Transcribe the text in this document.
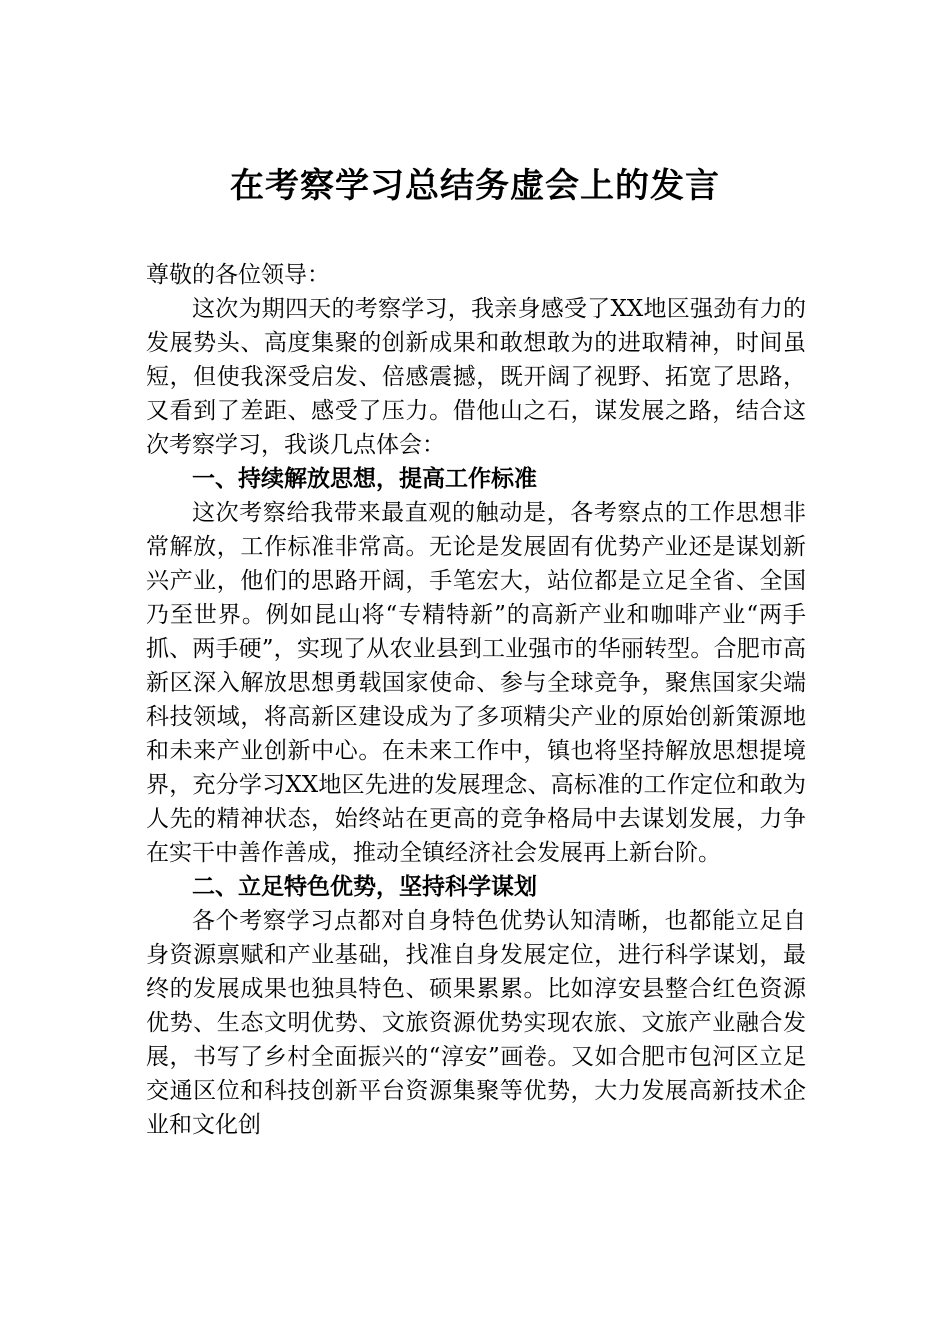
在考察学习总结务虚会上的发言

尊敬的各位领导：

这次为期四天的考察学习，我亲身感受了XX地区强劲有力的发展势头、高度集聚的创新成果和敢想敢为的进取精神，时间虽短，但使我深受启发、倍感震撼，既开阔了视野、拓宽了思路，又看到了差距、感受了压力。借他山之石，谋发展之路，结合这次考察学习，我谈几点体会：

一、持续解放思想，提高工作标准

这次考察给我带来最直观的触动是，各考察点的工作思想非常解放，工作标准非常高。无论是发展固有优势产业还是谋划新兴产业，他们的思路开阔，手笔宏大，站位都是立足全省、全国乃至世界。例如昆山将“专精特新”的高新产业和咖啡产业“两手抓、两手硬”，实现了从农业县到工业强市的华丽转型。合肥市高新区深入解放思想勇载国家使命、参与全球竞争，聚焦国家尖端科技领域，将高新区建设成为了多项精尖产业的原始创新策源地和未来产业创新中心。在未来工作中，镇也将坚持解放思想提境界，充分学习XX地区先进的发展理念、高标准的工作定位和敢为人先的精神状态，始终站在更高的竞争格局中去谋划发展，力争在实干中善作善成，推动全镇经济社会发展再上新台阶。

二、立足特色优势，坚持科学谋划

各个考察学习点都对自身特色优势认知清晰，也都能立足自身资源禀赋和产业基础，找准自身发展定位，进行科学谋划，最终的发展成果也独具特色、硕果累累。比如淳安县整合红色资源优势、生态文明优势、文旅资源优势实现农旅、文旅产业融合发展，书写了乡村全面振兴的“淳安”画卷。又如合肥市包河区立足交通区位和科技创新平台资源集聚等优势，大力发展高新技术企业和文化创
